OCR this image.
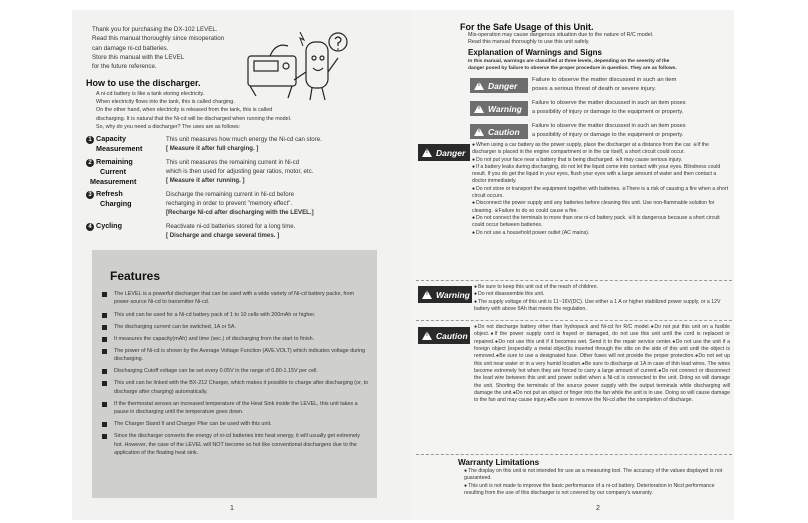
Thank you for purchasing the DX-102 LEVEL.
Read this manual thoroughly since misoperation
can damage ni-cd batteries.
Store this manual with the LEVEL
for the future reference.
How to use the discharger.
A ni-cd battery is like a tank storing electricity.
When electricity flows into the tank, this is called charging.
On the other hand, when electricity is released from the tank, this is called
discharging. It is natural that the Ni-cd will be discharged when running the model.
So, why do you need a discharger? The uses are as follows:
1 Capacity
Measurement
This unit measures how much energy the Ni-cd can store.
[ Measure it after full charging. ]
2 Remaining
Current
Measurement
This unit measures the remaining current in Ni-cd
which is then used for adjusting gear ratios, motor, etc.
[ Measure it after running. ]
3 Refresh
Charging
Discharge the remaining current in Ni-cd before
recharging in order to prevent "memory effect".
[Recharge Ni-cd after discharging with the LEVEL.]
4 Cycling	Reactivate ni-cd batteries stored for a long time.
[ Discharge and charge several times. ]
Features
The LEVEL is a powerful discharger that can be used with a wide variety of Ni-cd battery packs, from power-source Ni-cd to transmitter Ni-cd.
This unit can be used for a Ni-cd battery pack of 1 to 10 cells with 200mAh or higher.
The discharging current can be switched, 1A or 5A.
It measures the capacity(mAh) and time (sec.) of discharging from the start to finish.
The power of Ni-cd is shown by the Average Voltage Function (AVE.VOLT) which indicates voltage during discharging.
Discharging Cutoff voltage can be set every 0.05V in the range of 0.80-1.15V per cell.
This unit can be linked with the BX-212 Charger, which makes it possible to charge after discharging (or, to discharge after charging) automatically.
If the thermostat senses an increased temperature of the Heat Sink inside the LEVEL, this unit takes a pause in discharging until the temperature goes down.
The Charger Stand II and Charger Plier can be used with this unit.
Since the discharger converts the energy of ni-cd batteries into heat energy, it will usually get extremely hot. However, the case of the LEVEL will NOT become so hot like conventional dischargers due to the application of the floating heat sink.
1
For the Safe Usage of this Unit.
Mis-operation may cause dangerous situation due to the nature of R/C model.
Read this manual thoroughly to use this unit safely.
Explanation of Warnings and Signs
In this manual, warnings are classified at three levels, depending on the severity of the
danger posed by failure to observe the proper procedure in question. They are as follows.
!
Danger
Failure to observe the matter discussed in such an item
poses a serious threat of death or severe injury.
!
Warning
Failure to observe the matter discussed in such an item poses
a possibility of injury or damage to the equipment or property.
!
Caution
Failure to observe the matter discussed in such an item poses
a possibility of injury or damage to the equipment or property.
!
Danger
● When using a car battery as the power supply, place the discharger at a distance from the car. ※If the discharger is placed in the engine compartment or in the car itself, a short circuit could occur.
● Do not put your face near a battery that is being discharged. ※It may cause serious injury.
● If a battery leaks during discharging, do not let the liquid come into contact with your eyes. Blindness could result. If you do get the liquid in your eyes, flush your eyes with a large amount of water and then contact a doctor immediately.
● Do not store or transport the equipment together with batteries. ※There is a risk of causing a fire when a short circuit occurs.
● Disconnect the power supply and any batteries before cleaning this unit. Use non-flammable solution for cleaning. ※Failure to do so could cause a fire.
● Do not connect the terminals to more than one ni-cd battery pack. ※It is dangerous because a short circuit could occur between batteries.
● Do not use a household power outlet (AC mains).
!
Warning
● Be sure to keep this unit out of the reach of children.
● Do not disassemble this unit.
● The supply voltage of this unit is 11~16V(DC). Use either a 1 A or higher stabilized power supply, or a 12V battery with above 5Ah that meets the regulation.
!
Caution
●Do not discharge battery other than hydropack and Ni-cd for R/C model.●Do not put this unit on a fusible object.●If the power supply cord is frayed or damaged, do not use this unit until the cord is replaced or repaired.●Do not use this unit if it becomes wet. Send it to the repair service center.●Do not use the unit if a foreign object (especially a metal object)is inserted through the slits on the side of this unit until the object is removed.●Be sure to use a designated fuse. Other fuses will not provide the proper protection.●Do not set up this unit near water or in a very humid location.●Be sure to discharge at 1A in case of thin lead wires. The wires become extremely hot when they are forced to carry a large amount of current.●Do not connect or disconnect the lead wire between this unit and power outlet when a Ni-cd is connected to the unit. Doing so will damage the unit. Shorting the terminals of the source power supply with the output terminals while discharging will damage the unit.●Do not put an object or finger into the fan while the unit is in use. Doing so will cause damage to the fan and may cause injury.●Be sure to remove the Ni-cd after the completion of discharge.
Warranty Limitations
● The display on this unit is not intended for use as a measuring tool. The accuracy of the values displayed is not guaranteed.
● This unit is not made to improve the basic performance of a ni-cd battery. Deterioration in Nicd performance resulting from the use of this discharger is not covered by our company's warranty.
2
